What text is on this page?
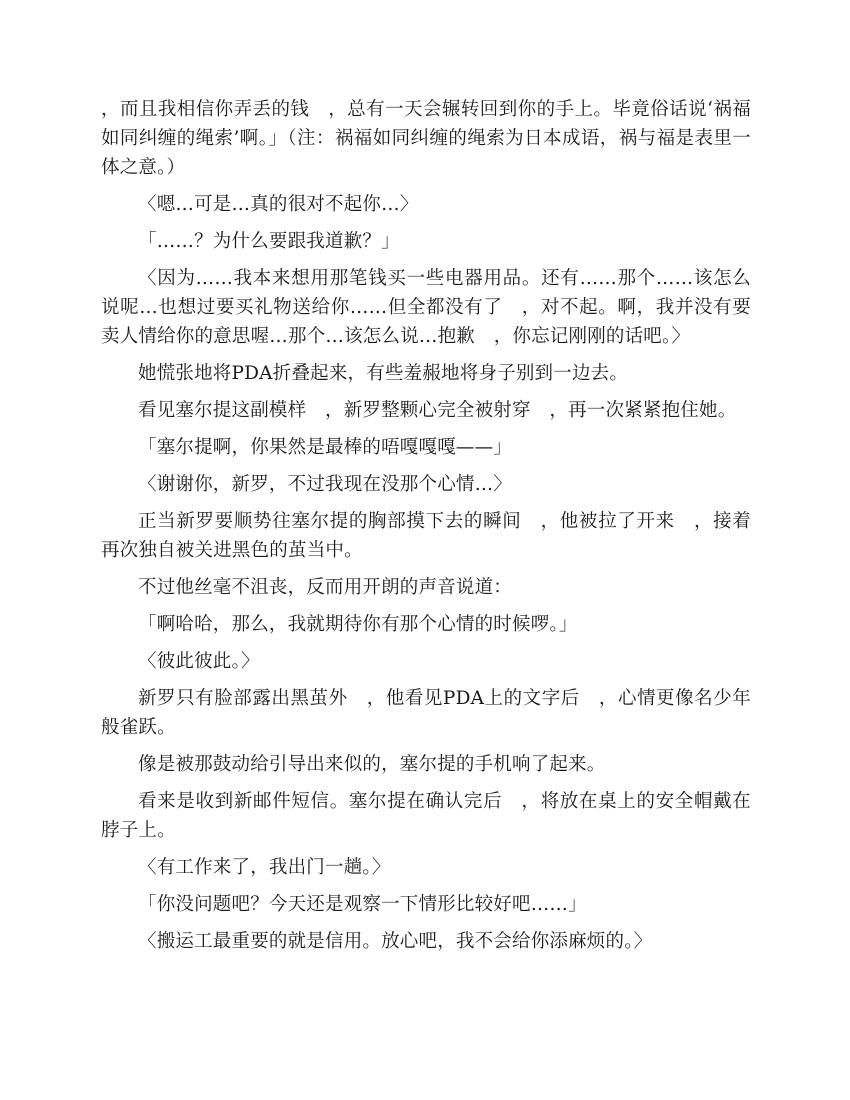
，而且我相信你弄丢的钱　，总有一天会辗转回到你的手上。毕竟俗话说‘祸福如同纠缠的绳索’啊。」（注：祸福如同纠缠的绳索为日本成语，祸与福是表里一体之意。）

〈嗯…可是…真的很对不起你…〉

「……？为什么要跟我道歉？」

〈因为……我本来想用那笔钱买一些电器用品。还有……那个……该怎么说呢…也想过要买礼物送给你……但全都没有了　，对不起。啊，我并没有要卖人情给你的意思喔…那个…该怎么说…抱歉　，你忘记刚刚的话吧。〉

她慌张地将PDA折叠起来，有些羞赧地将身子别到一边去。

看见塞尔提这副模样　，新罗整颗心完全被射穿　，再一次紧紧抱住她。

「塞尔提啊，你果然是最棒的唔嘎嘎嘎——」

〈谢谢你，新罗，不过我现在没那个心情…〉

正当新罗要顺势往塞尔提的胸部摸下去的瞬间　，他被拉了开来　，接着再次独自被关进黑色的茧当中。

不过他丝毫不沮丧，反而用开朗的声音说道：

「啊哈哈，那么，我就期待你有那个心情的时候啰。」

〈彼此彼此。〉

新罗只有脸部露出黑茧外　，他看见PDA上的文字后　，心情更像名少年般雀跃。

像是被那鼓动给引导出来似的，塞尔提的手机响了起来。

看来是收到新邮件短信。塞尔提在确认完后　，将放在桌上的安全帽戴在脖子上。

〈有工作来了，我出门一趟。〉

「你没问题吧？今天还是观察一下情形比较好吧……」

〈搬运工最重要的就是信用。放心吧，我不会给你添麻烦的。〉
